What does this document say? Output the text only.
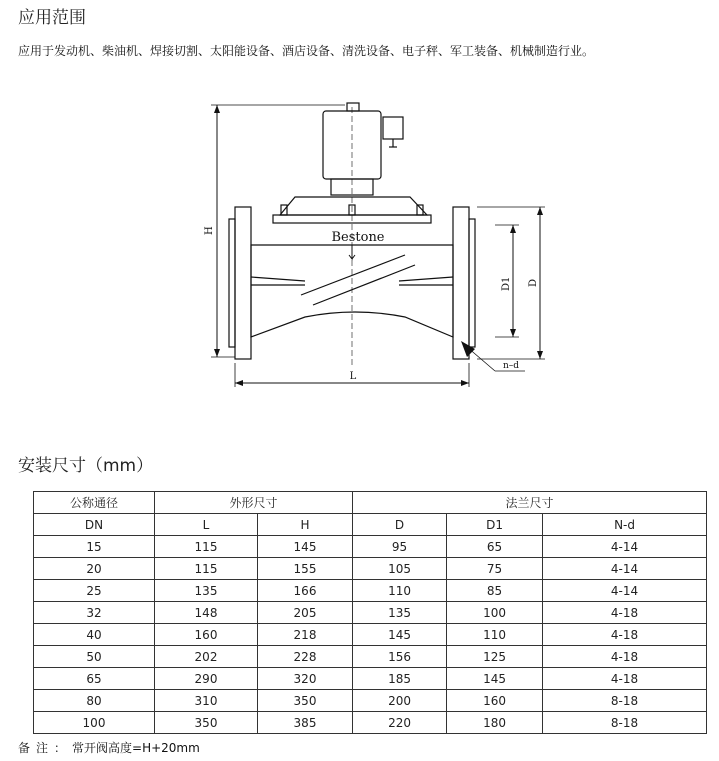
应用范围

应用于发动机、柴油机、焊接切割、太阳能设备、酒店设备、清洗设备、电子秤、军工装备、机械制造行业。

Bestone
H
D1 D
L
n–d
安装尺寸（mm）
公称通径	外形尺寸		法兰尺寸		
DN	L	H	D	D1	N-d
15	115	145	95	65	4-14
20	115	155	105	75	4-14
25	135	166	110	85	4-14
32	148	205	135	100	4-18
40	160	218	145	110	4-18
50	202	228	156	125	4-18
65	290	320	185	145	4-18
80	310	350	200	160	8-18
100	350	385	220	180	8-18

备注：常开阀高度=H+20mm
